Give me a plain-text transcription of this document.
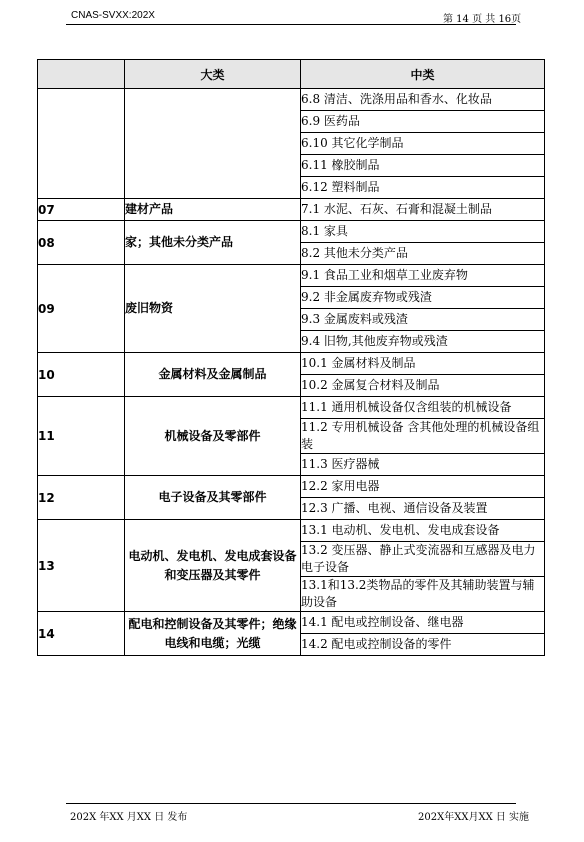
CNAS-SVXX:202X	第 14 页 共 16页
	大类	中类
		6.8 清洁、洗涤用品和香水、化妆品
		6.9 医药品
		6.10 其它化学制品
		6.11 橡胶制品
		6.12 塑料制品
07	建材产品	7.1 水泥、石灰、石膏和混凝土制品
08	家；其他未分类产品	8.1 家具
		8.2 其他未分类产品
09	废旧物资	9.1 食品工业和烟草工业废弃物
		9.2 非金属废弃物或残渣
		9.3 金属废料或残渣
		9.4 旧物,其他废弃物或残渣
10	金属材料及金属制品	10.1 金属材料及制品
		10.2 金属复合材料及制品
11	机械设备及零部件	11.1 通用机械设备仅含组装的机械设备
		11.2 专用机械设备 含其他处理的机械设备组装
		11.3 医疗器械
12	电子设备及其零部件	12.2 家用电器
		12.3 广播、电视、通信设备及装置
13	电动机、发电机、发电成套设备和变压器及其零件	13.1 电动机、发电机、发电成套设备
		13.2 变压器、静止式变流器和互感器及电力电子设备
		13.1和13.2类物品的零件及其辅助装置与辅助设备
14	配电和控制设备及其零件；绝缘电线和电缆；光缆	14.1 配电或控制设备、继电器
		14.2 配电或控制设备的零件
202X 年XX 月XX 日 发布	202X年XX月XX 日 实施
